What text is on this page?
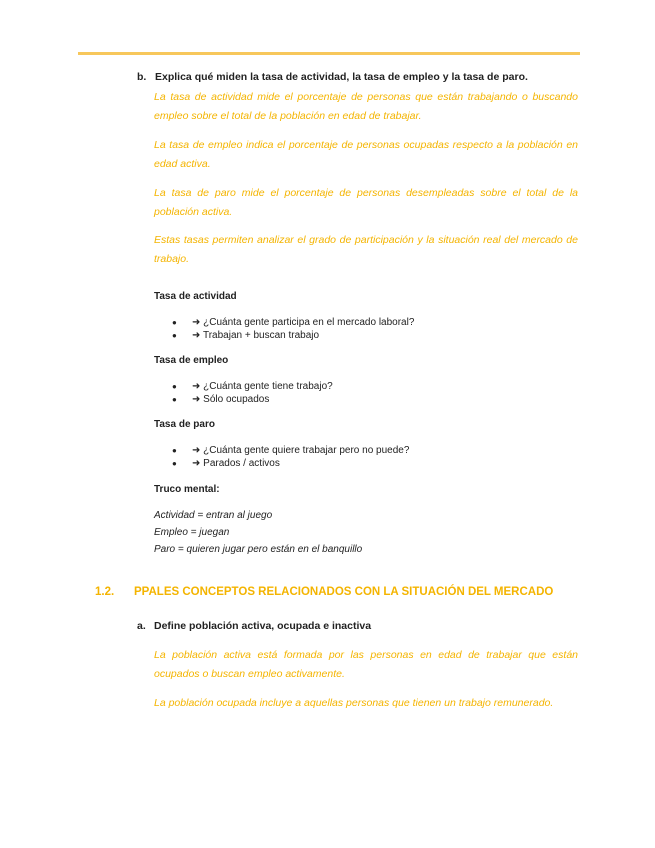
b. Explica qué miden la tasa de actividad, la tasa de empleo y la tasa de paro.

La tasa de actividad mide el porcentaje de personas que están trabajando o buscando empleo sobre el total de la población en edad de trabajar.

La tasa de empleo indica el porcentaje de personas ocupadas respecto a la población en edad activa.

La tasa de paro mide el porcentaje de personas desempleadas sobre el total de la población activa.

Estas tasas permiten analizar el grado de participación y la situación real del mercado de trabajo.

Tasa de actividad
● ➜ ¿Cuánta gente participa en el mercado laboral?
● ➜ Trabajan + buscan trabajo
Tasa de empleo
● ➜ ¿Cuánta gente tiene trabajo?
● ➜ Sólo ocupados
Tasa de paro
● ➜ ¿Cuánta gente quiere trabajar pero no puede?
● ➜ Parados / activos
Truco mental:
Actividad = entran al juego
Empleo = juegan
Paro = quieren jugar pero están en el banquillo
1.2. PPALES CONCEPTOS RELACIONADOS CON LA SITUACIÓN DEL MERCADO
a. Define población activa, ocupada e inactiva

La población activa está formada por las personas en edad de trabajar que están ocupados o buscan empleo activamente.

La población ocupada incluye a aquellas personas que tienen un trabajo remunerado.
